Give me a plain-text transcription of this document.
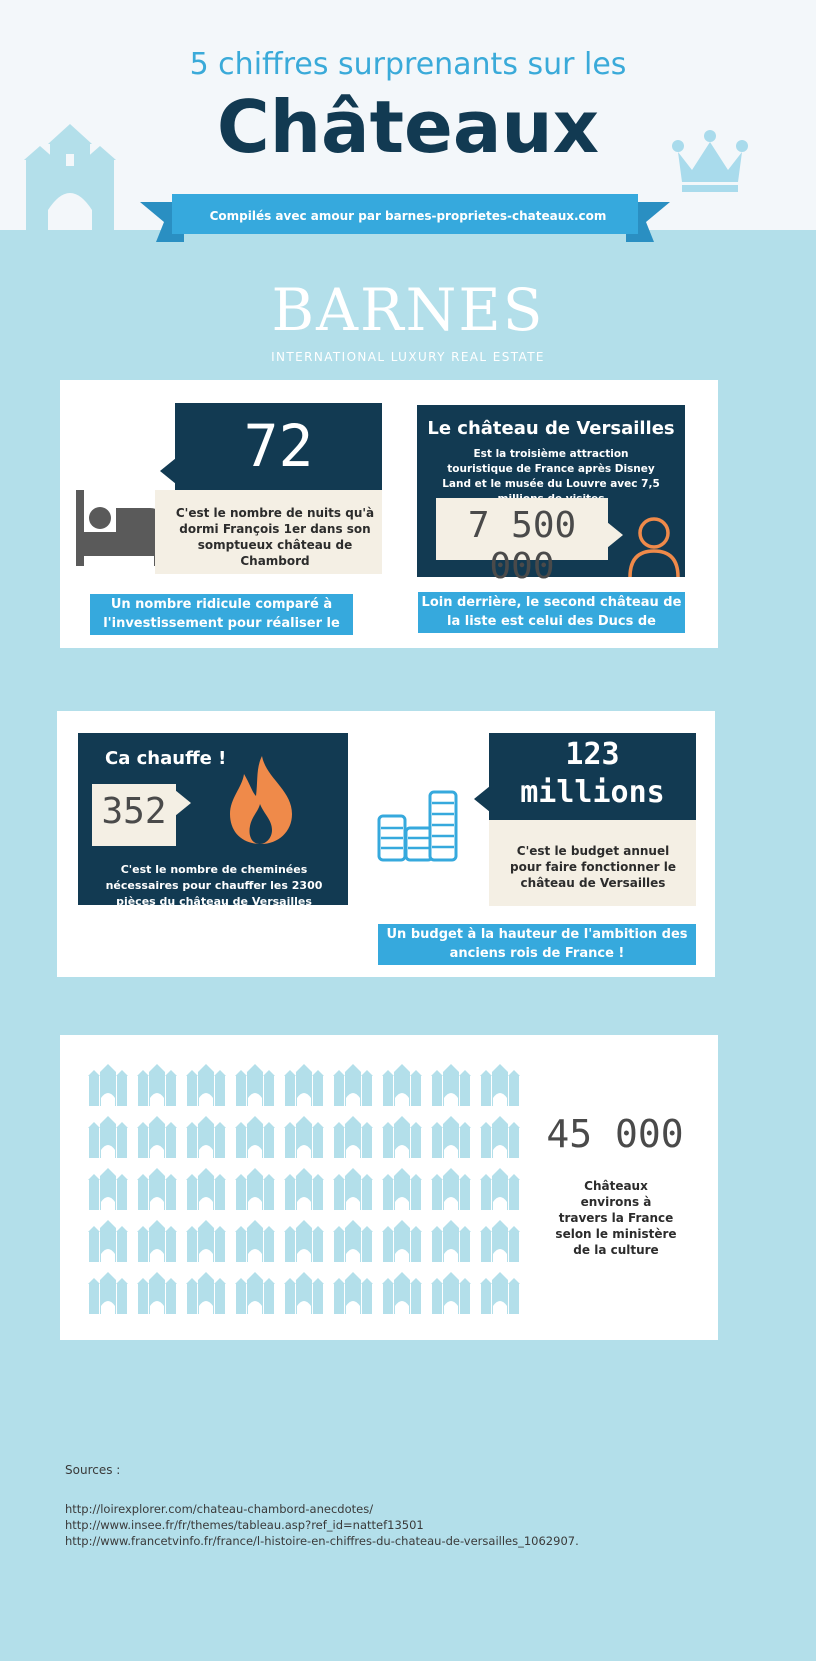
5 chiffres surprenants sur les
Châteaux
Compilés avec amour par barnes-proprietes-chateaux.com
BARNES
INTERNATIONAL LUXURY REAL ESTATE
72
C'est le nombre de nuits qu'à dormi François 1er dans son somptueux château de Chambord
Un nombre ridicule comparé à l'investissement pour réaliser le château
Le château de Versailles
Est la troisième attraction touristique de France après Disney Land et le musée du Louvre avec 7,5
7 500 000
Loin derrière, le second château de la liste est celui des Ducs de Bretagne
Ca chauffe !
352
C'est le nombre de cheminées nécessaires pour chauffer les 2300 pièces du château de Versailles
123
millions
C'est le budget annuel pour faire fonctionner le château de Versailles
Un budget à la hauteur de l'ambition des anciens rois de France !
45 000
Châteaux environs à travers la France selon le ministère de la culture
Sources :
http://loirexplorer.com/chateau-chambord-anecdotes/
http://www.insee.fr/fr/themes/tableau.asp?ref_id=nattef13501
http://www.francetvinfo.fr/france/l-histoire-en-chiffres-du-chateau-de-versailles_1062907.
